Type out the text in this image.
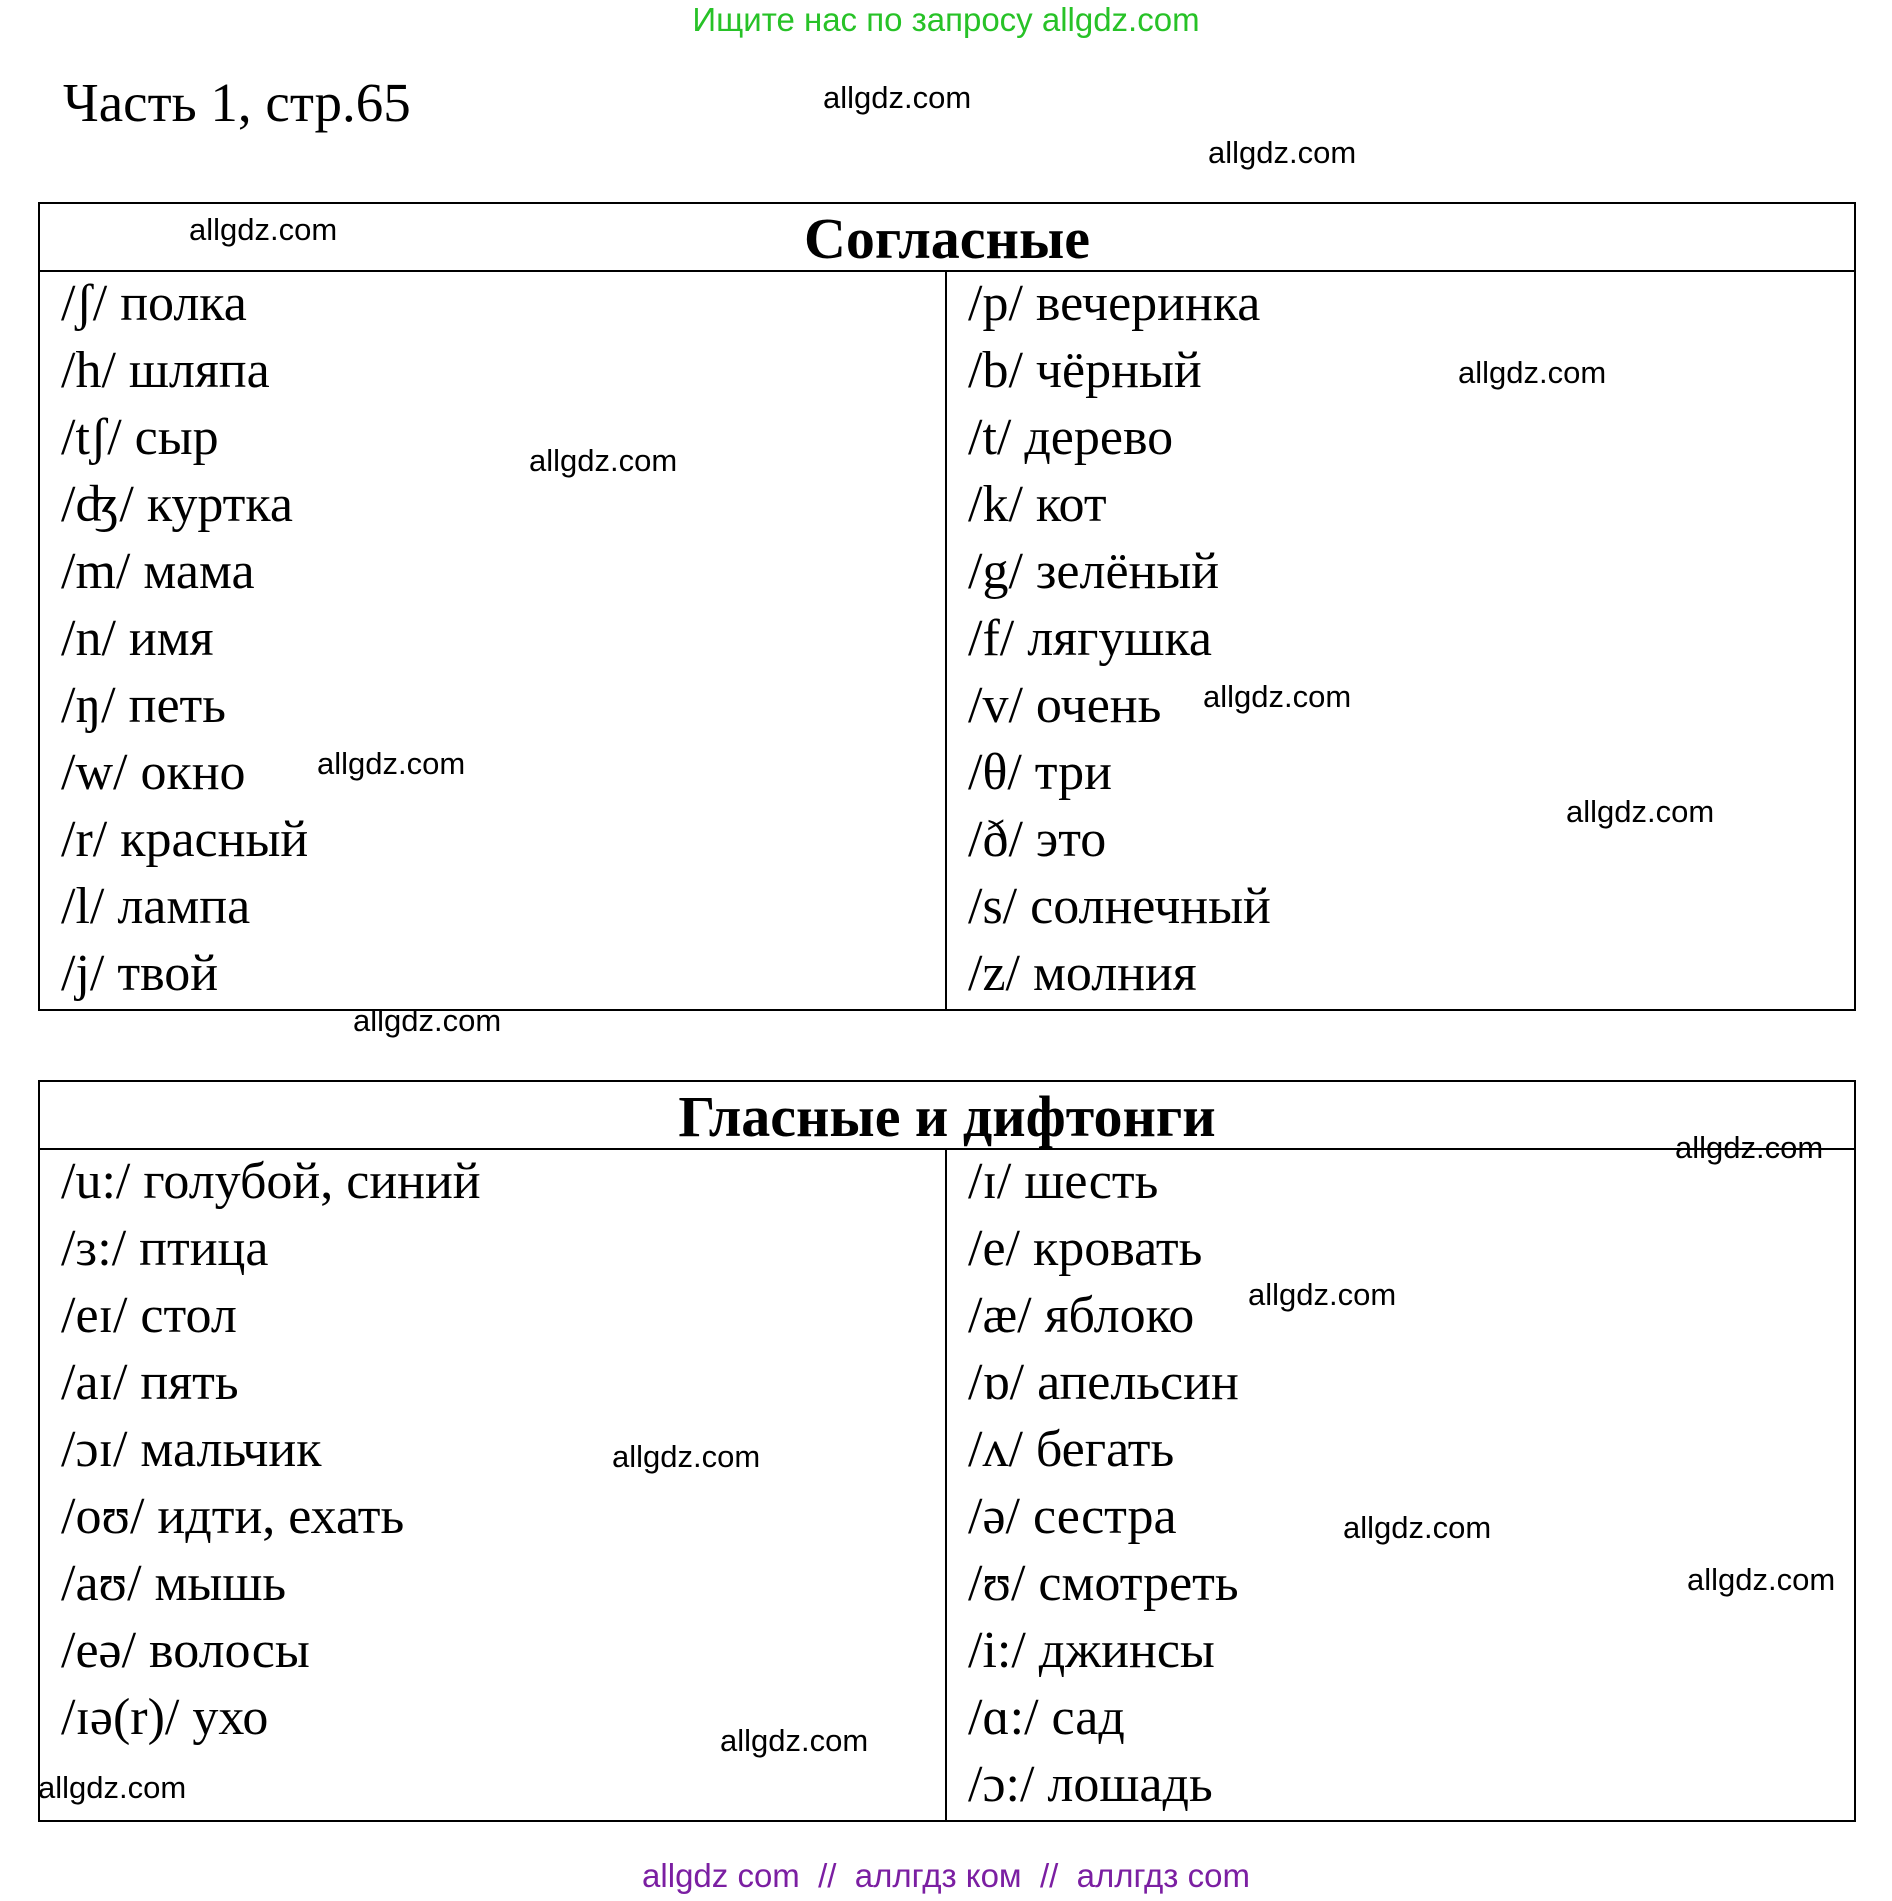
Ищите нас по запросу allgdz.com
Часть 1, стр.65
Согласные
/ʃ/ полка
/h/ шляпа
/tʃ/ сыр
/ʤ/ куртка
/m/ мама
/n/ имя
/ŋ/ петь
/w/ окно
/r/ красный
/l/ лампа
/j/ твой
/p/ вечеринка
/b/ чёрный
/t/ дерево
/k/ кот
/g/ зелёный
/f/ лягушка
/v/ очень
/θ/ три
/ð/ это
/s/ солнечный
/z/ молния
Гласные и дифтонги
/u:/ голубой, синий
/ɜ:/ птица
/eɪ/ стол
/aɪ/ пять
/ɔɪ/ мальчик
/oʊ/ идти, ехать
/aʊ/ мышь
/eə/ волосы
/ɪə(r)/ ухо
/ɪ/ шесть
/e/ кровать
/æ/ яблоко
/ɒ/ апельсин
/ʌ/ бегать
/ə/ сестра
/ʊ/ смотреть
/i:/ джинсы
/ɑ:/ сад
/ɔ:/ лошадь
allgdz.com
allgdz.com
allgdz.com
allgdz.com
allgdz.com
allgdz.com
allgdz.com
allgdz.com
allgdz.com
allgdz.com
allgdz.com
allgdz.com
allgdz.com
allgdz.com
allgdz.com
allgdz.com
allgdz com  //  аллгдз ком  //  аллгдз com
